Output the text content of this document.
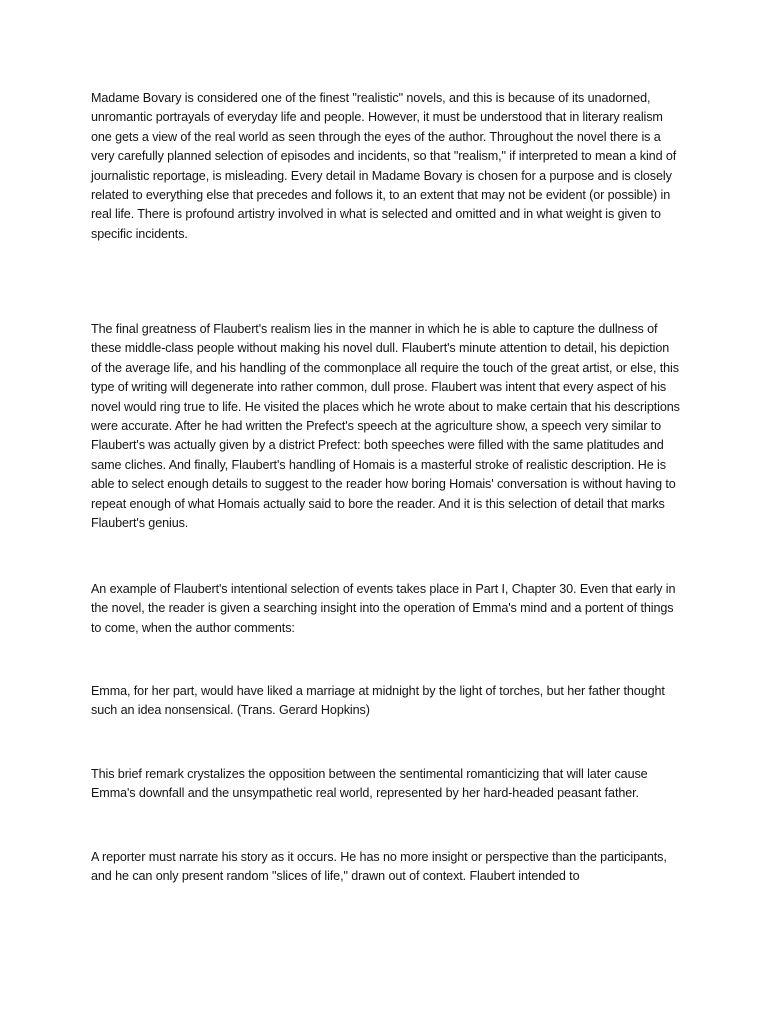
Madame Bovary is considered one of the finest "realistic" novels, and this is because of its unadorned, unromantic portrayals of everyday life and people. However, it must be understood that in literary realism one gets a view of the real world as seen through the eyes of the author. Throughout the novel there is a very carefully planned selection of episodes and incidents, so that "realism," if interpreted to mean a kind of journalistic reportage, is misleading. Every detail in Madame Bovary is chosen for a purpose and is closely related to everything else that precedes and follows it, to an extent that may not be evident (or possible) in real life. There is profound artistry involved in what is selected and omitted and in what weight is given to specific incidents.

The final greatness of Flaubert's realism lies in the manner in which he is able to capture the dullness of these middle-class people without making his novel dull. Flaubert's minute attention to detail, his depiction of the average life, and his handling of the commonplace all require the touch of the great artist, or else, this type of writing will degenerate into rather common, dull prose. Flaubert was intent that every aspect of his novel would ring true to life. He visited the places which he wrote about to make certain that his descriptions were accurate. After he had written the Prefect's speech at the agriculture show, a speech very similar to Flaubert's was actually given by a district Prefect: both speeches were filled with the same platitudes and same cliches. And finally, Flaubert's handling of Homais is a masterful stroke of realistic description. He is able to select enough details to suggest to the reader how boring Homais' conversation is without having to repeat enough of what Homais actually said to bore the reader. And it is this selection of detail that marks Flaubert's genius.

An example of Flaubert's intentional selection of events takes place in Part I, Chapter 30. Even that early in the novel, the reader is given a searching insight into the operation of Emma's mind and a portent of things to come, when the author comments:

Emma, for her part, would have liked a marriage at midnight by the light of torches, but her father thought such an idea nonsensical. (Trans. Gerard Hopkins)

This brief remark crystalizes the opposition between the sentimental romanticizing that will later cause Emma's downfall and the unsympathetic real world, represented by her hard-headed peasant father.

A reporter must narrate his story as it occurs. He has no more insight or perspective than the participants, and he can only present random "slices of life," drawn out of context. Flaubert intended to
